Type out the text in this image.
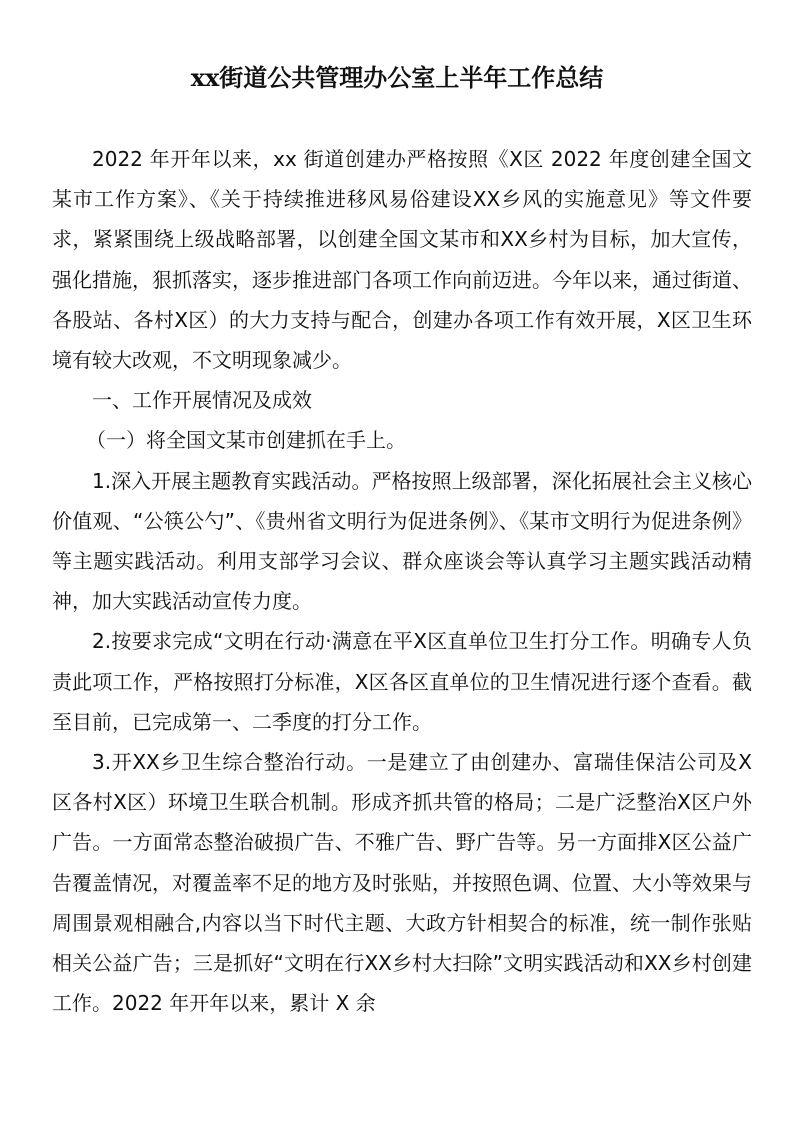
xx街道公共管理办公室上半年工作总结

2022 年开年以来，xx 街道创建办严格按照《X区 2022 年度创建全国文某市工作方案》、《关于持续推进移风易俗建设XX乡风的实施意见》等文件要求，紧紧围绕上级战略部署，以创建全国文某市和XX乡村为目标，加大宣传，强化措施，狠抓落实，逐步推进部门各项工作向前迈进。今年以来，通过街道、各股站、各村X区）的大力支持与配合，创建办各项工作有效开展，X区卫生环境有较大改观，不文明现象减少。

一、工作开展情况及成效

（一）将全国文某市创建抓在手上。

1.深入开展主题教育实践活动。严格按照上级部署，深化拓展社会主义核心价值观、“公筷公勺”、《贵州省文明行为促进条例》、《某市文明行为促进条例》等主题实践活动。利用支部学习会议、群众座谈会等认真学习主题实践活动精神，加大实践活动宣传力度。

2.按要求完成“文明在行动·满意在平X区直单位卫生打分工作。明确专人负责此项工作，严格按照打分标准，X区各区直单位的卫生情况进行逐个查看。截至目前，已完成第一、二季度的打分工作。

3.开XX乡卫生综合整治行动。一是建立了由创建办、富瑞佳保洁公司及X区各村X区）环境卫生联合机制。形成齐抓共管的格局；二是广泛整治X区户外广告。一方面常态整治破损广告、不雅广告、野广告等。另一方面排X区公益广告覆盖情况，对覆盖率不足的地方及时张贴，并按照色调、位置、大小等效果与周围景观相融合,内容以当下时代主题、大政方针相契合的标准，统一制作张贴相关公益广告；三是抓好“文明在行XX乡村大扫除”文明实践活动和XX乡村创建工作。2022 年开年以来，累计 X 余
